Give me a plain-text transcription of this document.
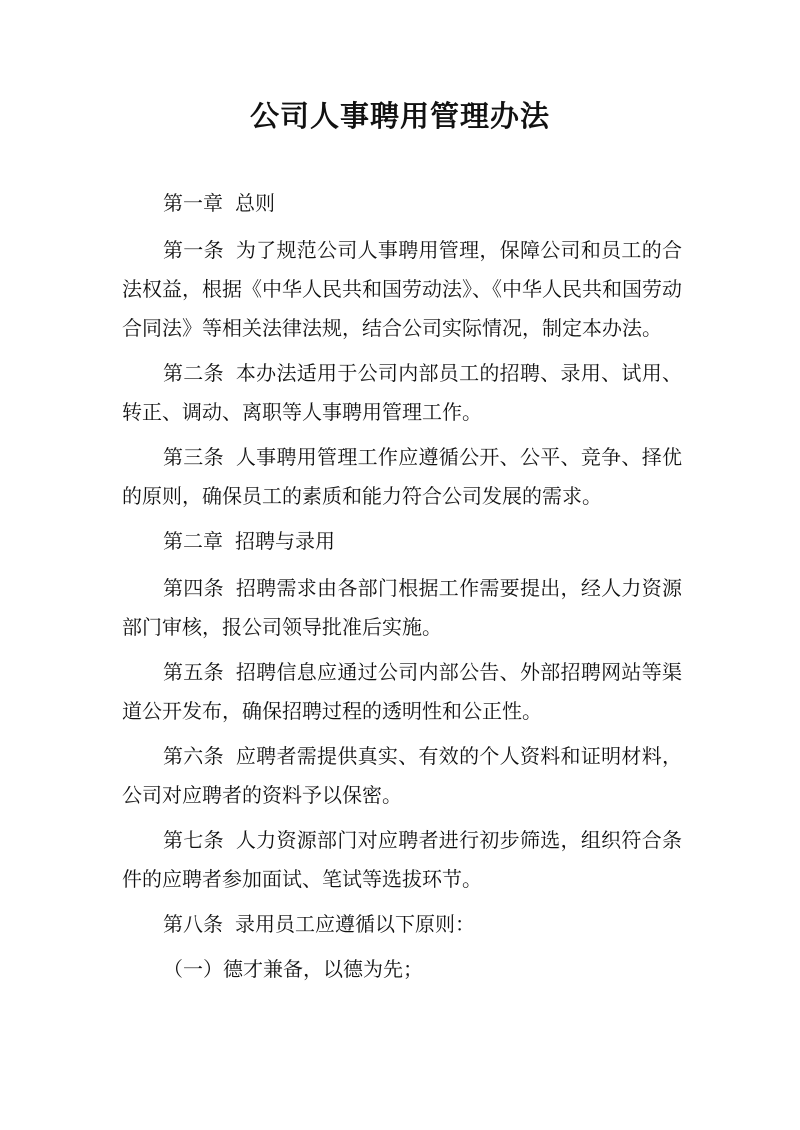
公司人事聘用管理办法

第一章 总则

第一条 为了规范公司人事聘用管理，保障公司和员工的合法权益，根据《中华人民共和国劳动法》、《中华人民共和国劳动合同法》等相关法律法规，结合公司实际情况，制定本办法。

第二条 本办法适用于公司内部员工的招聘、录用、试用、转正、调动、离职等人事聘用管理工作。

第三条 人事聘用管理工作应遵循公开、公平、竞争、择优的原则，确保员工的素质和能力符合公司发展的需求。

第二章 招聘与录用

第四条 招聘需求由各部门根据工作需要提出，经人力资源部门审核，报公司领导批准后实施。

第五条 招聘信息应通过公司内部公告、外部招聘网站等渠道公开发布，确保招聘过程的透明性和公正性。

第六条 应聘者需提供真实、有效的个人资料和证明材料，公司对应聘者的资料予以保密。

第七条 人力资源部门对应聘者进行初步筛选，组织符合条件的应聘者参加面试、笔试等选拔环节。

第八条 录用员工应遵循以下原则：

（一）德才兼备，以德为先；
